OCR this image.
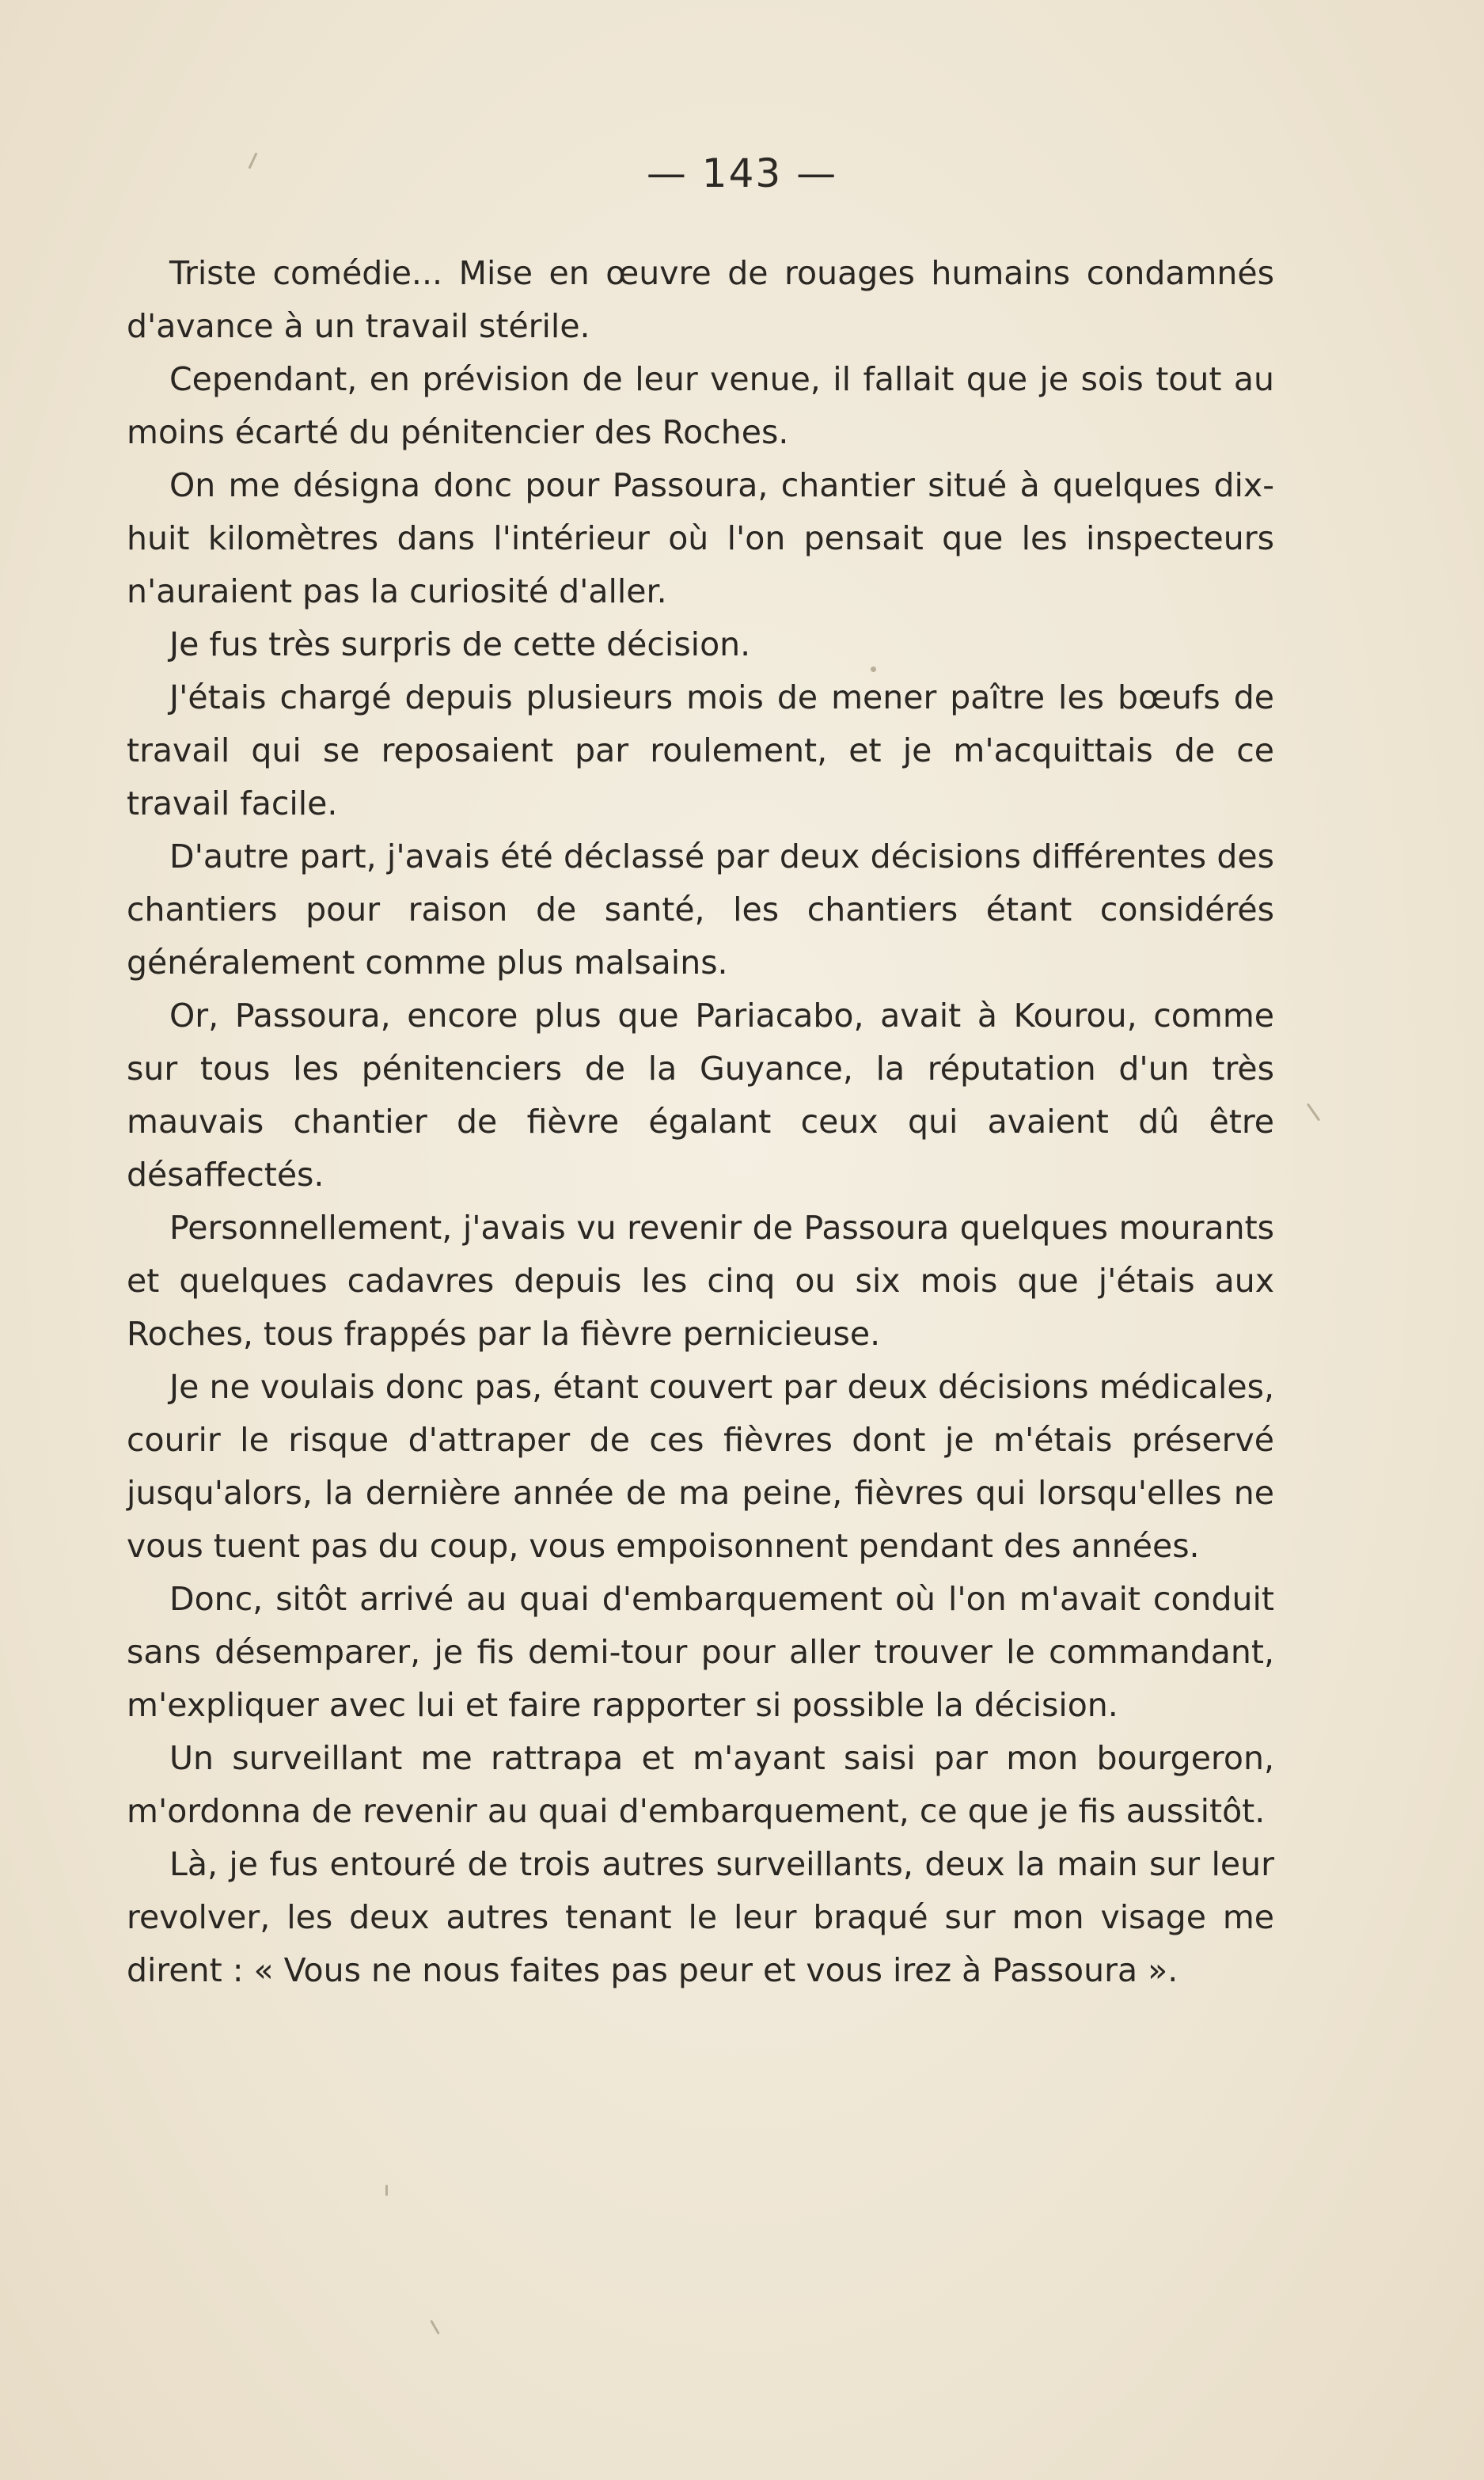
— 143 —

Triste comédie... Mise en œuvre de rouages humains condamnés d'avance à un travail stérile.

Cependant, en prévision de leur venue, il fallait que je sois tout au moins écarté du pénitencier des Roches.

On me désigna donc pour Passoura, chantier situé à quelques dix-huit kilomètres dans l'intérieur où l'on pensait que les inspecteurs n'auraient pas la curiosité d'aller.

Je fus très surpris de cette décision.

J'étais chargé depuis plusieurs mois de mener paître les bœufs de travail qui se reposaient par roulement, et je m'acquittais de ce travail facile.

D'autre part, j'avais été déclassé par deux décisions différentes des chantiers pour raison de santé, les chantiers étant considérés généralement comme plus malsains.

Or, Passoura, encore plus que Pariacabo, avait à Kourou, comme sur tous les pénitenciers de la Guyance, la réputation d'un très mauvais chantier de fièvre égalant ceux qui avaient dû être désaffectés.

Personnellement, j'avais vu revenir de Passoura quelques mourants et quelques cadavres depuis les cinq ou six mois que j'étais aux Roches, tous frappés par la fièvre pernicieuse.

Je ne voulais donc pas, étant couvert par deux décisions médicales, courir le risque d'attraper de ces fièvres dont je m'étais préservé jusqu'alors, la dernière année de ma peine, fièvres qui lorsqu'elles ne vous tuent pas du coup, vous empoisonnent pendant des années.

Donc, sitôt arrivé au quai d'embarquement où l'on m'avait conduit sans désemparer, je fis demi-tour pour aller trouver le commandant, m'expliquer avec lui et faire rapporter si possible la décision.

Un surveillant me rattrapa et m'ayant saisi par mon bourgeron, m'ordonna de revenir au quai d'embarquement, ce que je fis aussitôt.

Là, je fus entouré de trois autres surveillants, deux la main sur leur revolver, les deux autres tenant le leur braqué sur mon visage me dirent : « Vous ne nous faites pas peur et vous irez à Passoura ».
